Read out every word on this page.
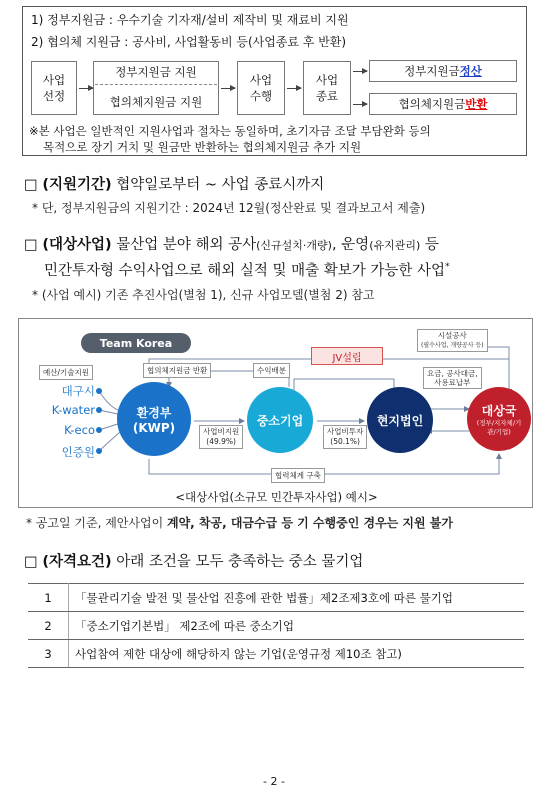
1) 정부지원금 : 우수기술 기자재/설비 제작비 및 재료비 지원
2) 협의체 지원금 : 공사비, 사업활동비 등(사업종료 후 반환)
사업
선정
정부지원금 지원
협의체지원금 지원
사업
수행
사업
종료
정부지원금 정산
협의체지원금 반환
※본 사업은 일반적인 지원사업과 절차는 동일하며, 초기자금 조달 부담완화 등의
목적으로 장기 거치 및 원금만 반환하는 협의체지원금 추가 지원
□ (지원기간) 협약일로부터 ~ 사업 종료시까지
* 단, 정부지원금의 지원기간 : 2024년 12월(정산완료 및 결과보고서 제출)
□ (대상사업) 물산업 분야 해외 공사(신규설치·개량), 운영(유지관리) 등
민간투자형 수익사업으로 해외 실적 및 매출 확보가 가능한 사업*
* (사업 예시) 기존 추진사업(별첨 1), 신규 사업모델(별첨 2) 참고
Team Korea
예산/기술지원
대구시
K-water
K-eco
인증원
환경부
(KWP)	중소기업	현지법인
대상국
(정부/지자체/기관/기업)
협의체지원금 반환	수익배분
JV설립
사업비지원
(49.9%)
사업비투자
(50.1%)
시설공사
(필수사업, 개량공사 등)
요금, 공사대금,
사용료납부
협력체계 구축
<대상사업(소규모 민간투자사업) 예시>
* 공고일 기준, 제안사업이 계약, 착공, 대금수급 등 기 수행중인 경우는 지원 불가
□ (자격요건) 아래 조건을 모두 충족하는 중소 물기업
1	「물관리기술 발전 및 물산업 진흥에 관한 법률」제2조제3호에 따른 물기업
2	「중소기업기본법」 제2조에 따른 중소기업
3	사업참여 제한 대상에 해당하지 않는 기업(운영규정 제10조 참고)
- 2 -
